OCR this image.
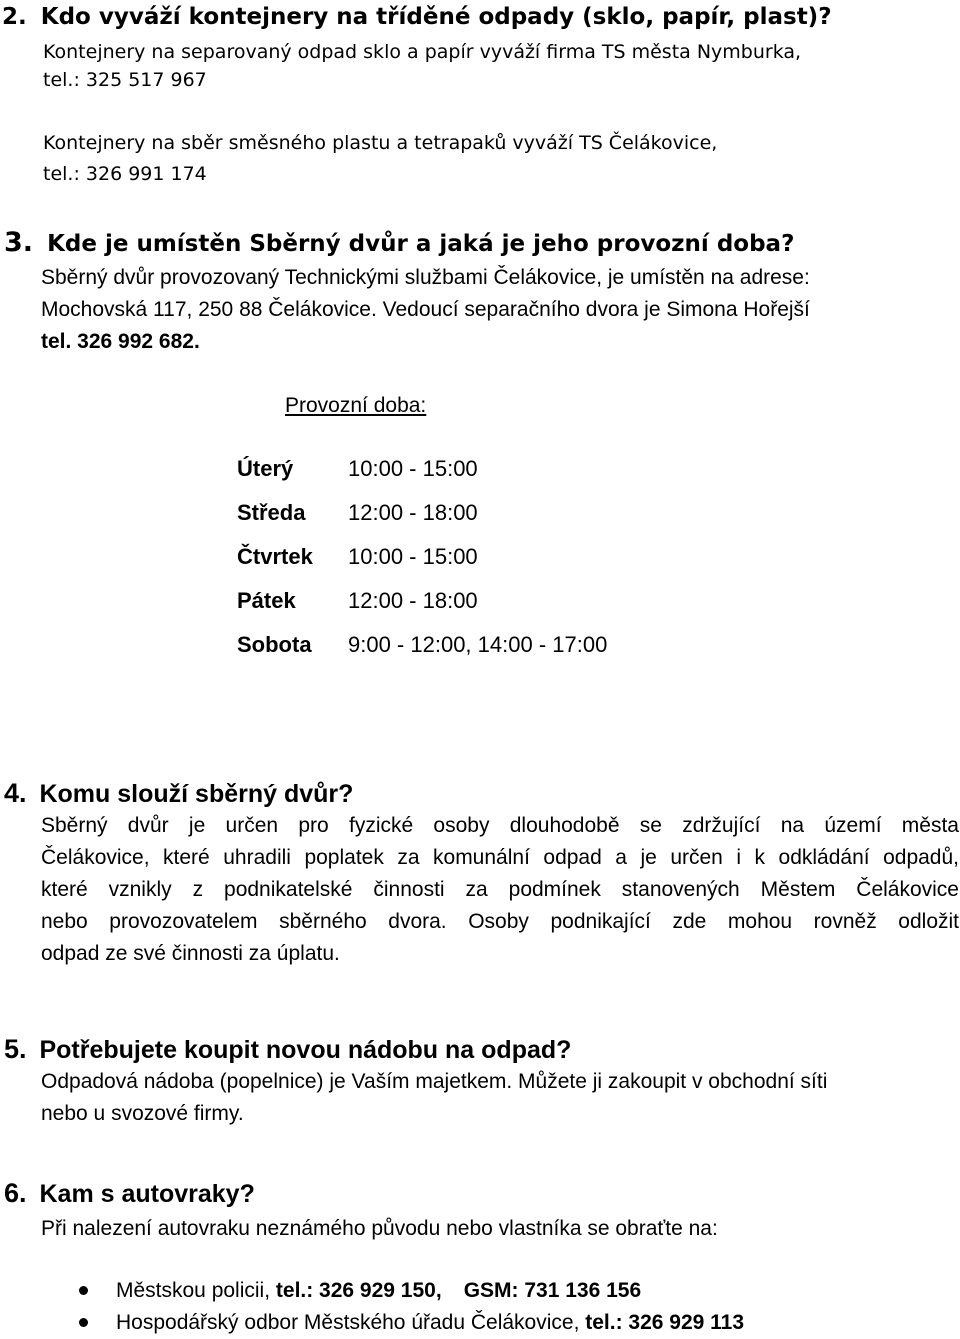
2. Kdo vyváží kontejnery na tříděné odpady (sklo, papír, plast)?
Kontejnery na separovaný odpad sklo a papír vyváží firma TS města Nymburka,
tel.: 325 517 967
Kontejnery na sběr směsného plastu a tetrapaků vyváží TS Čelákovice,
tel.: 326 991 174
3. Kde je umístěn Sběrný dvůr a jaká je jeho provozní doba?
Sběrný dvůr provozovaný Technickými službami Čelákovice, je umístěn na adrese:
Mochovská 117, 250 88 Čelákovice. Vedoucí separačního dvora je Simona Hořejší
tel. 326 992 682.
Provozní doba:
Úterý 10:00 - 15:00
Středa 12:00 - 18:00
Čtvrtek 10:00 - 15:00
Pátek 12:00 - 18:00
Sobota 9:00 - 12:00, 14:00 - 17:00
4. Komu slouží sběrný dvůr?
Sběrný dvůr je určen pro fyzické osoby dlouhodobě se zdržující na území města
Čelákovice, které uhradili poplatek za komunální odpad a je určen i k odkládání odpadů,
které vznikly z podnikatelské činnosti za podmínek stanovených Městem Čelákovice
nebo provozovatelem sběrného dvora. Osoby podnikající zde mohou rovněž odložit
odpad ze své činnosti za úplatu.
5. Potřebujete koupit novou nádobu na odpad?
Odpadová nádoba (popelnice) je Vaším majetkem. Můžete ji zakoupit v obchodní síti
nebo u svozové firmy.
6. Kam s autovraky?
Při nalezení autovraku neznámého původu nebo vlastníka se obraťte na:
Městskou policii, tel.: 326 929 150, GSM: 731 136 156
Hospodářský odbor Městského úřadu Čelákovice, tel.: 326 929 113
